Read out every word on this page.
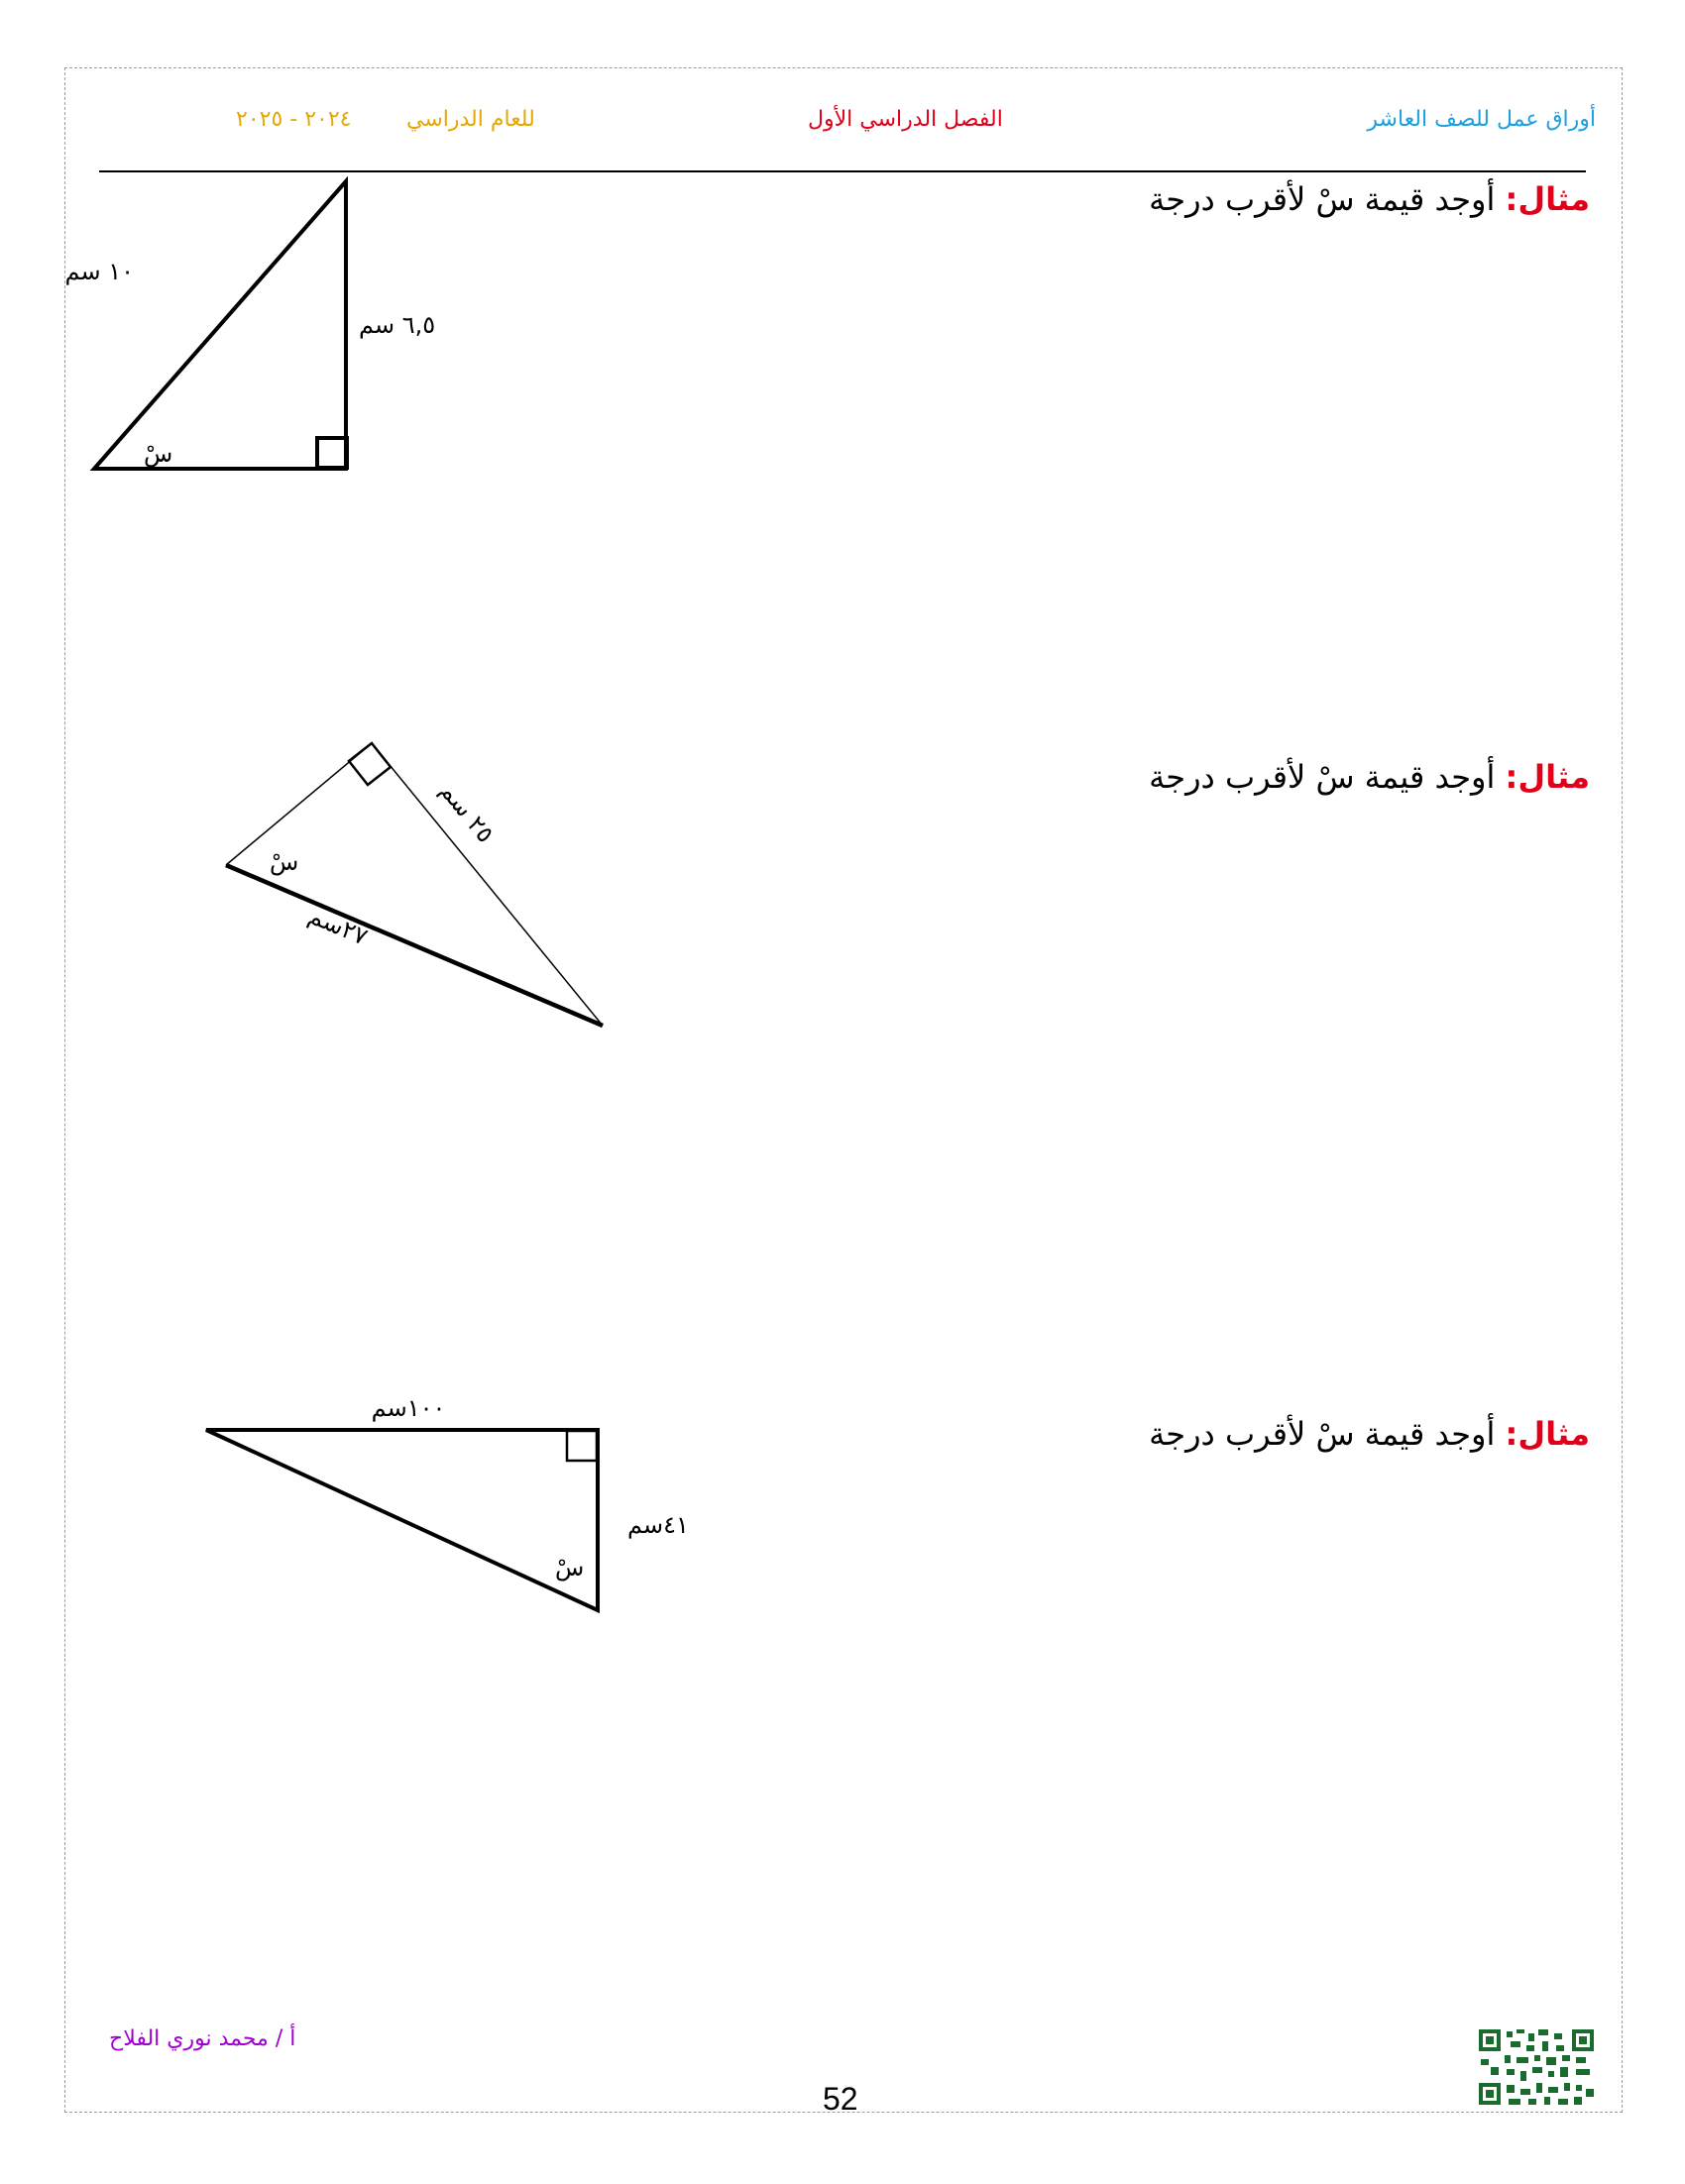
أوراق عمل للصف العاشر
الفصل الدراسي الأول
للعام الدراسي
٢٠٢٤ - ٢٠٢٥
مثال: أوجد قيمة سْ لأقرب درجة
مثال: أوجد قيمة سْ لأقرب درجة
مثال: أوجد قيمة سْ لأقرب درجة
١٠ سم
٦,٥ سم
سْ
سْ
٢٥ سم
٢٧سم
١٠٠سم
٤١سم
سْ
أ / محمد نوري الفلاح
52
